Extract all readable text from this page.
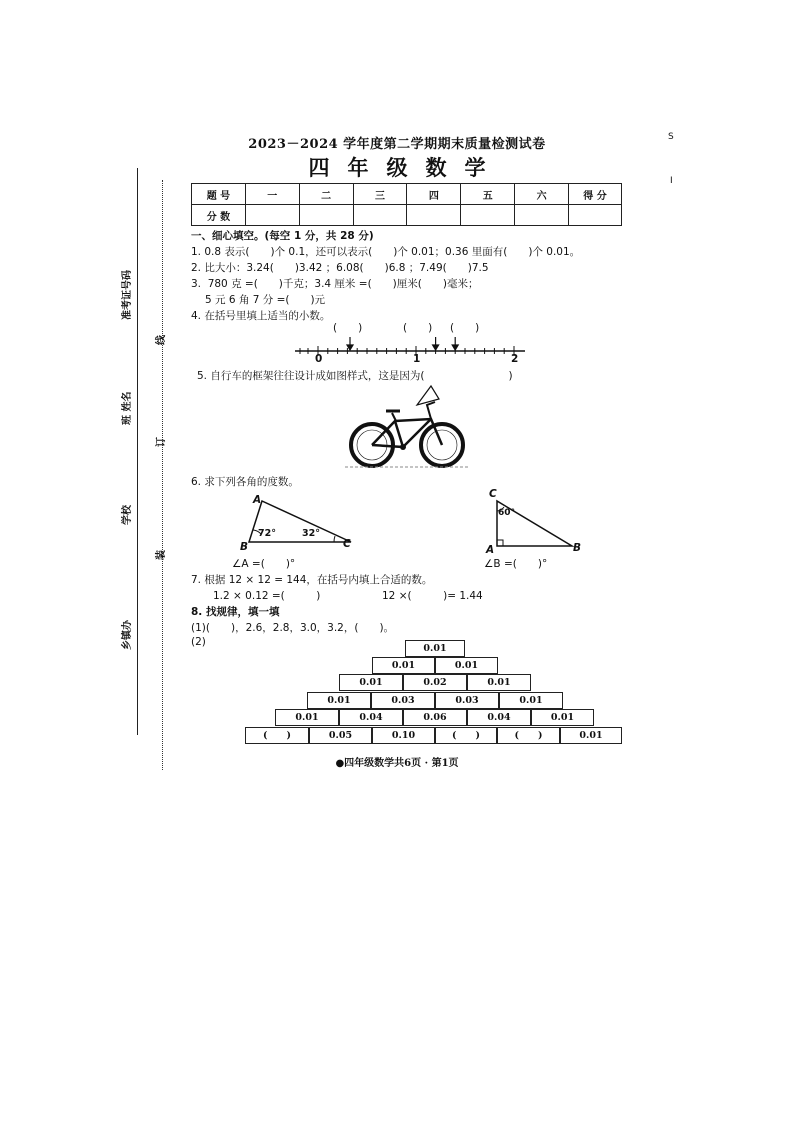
S
I
准考证号码
班 姓名
学校
乡镇办
线
订
装
2023－2024 学年度第二学期期末质量检测试卷
四年级数学
题 号	一	二	三	四	五	六	得 分
分 数							
一、细心填空。(每空 1 分，共 28 分)
1. 0.8 表示(　　)个 0.1，还可以表示(　　)个 0.01；0.36 里面有(　　)个 0.01。
2. 比大小：3.24(　　)3.42 ；6.08(　　)6.8 ；7.49(　　)7.5
3.  780 克 =(　　)千克；3.4 厘米 =(　　)厘米(　　)毫米；
5 元 6 角 7 分 =(　　)元
4. 在括号里填上适当的小数。
(　　)	(　　) (　　)
0	1	2
5. 自行车的框架往往设计成如图样式，这是因为(　　　　　　　　)
6. 求下列各角的度数。
A
B	C
72°	32°
∠A =(　　)°
C
A	B
60°
∠B =(　　)°
7. 根据 12 × 12 = 144，在括号内填上合适的数。
1.2 × 0.12 =(　　　)	12 ×(　　　)= 1.44
8. 找规律，填一填
(1)(　　)，2.6，2.8，3.0，3.2，(　　)。
(2)
0.01
0.01	0.01
0.01	0.02	0.01
0.01	0.03	0.03	0.01
0.01	0.04	0.06	0.04	0.01
(　　)	0.05	0.10	(　　)	(　　)	0.01
●四年级数学共6页 · 第1页
